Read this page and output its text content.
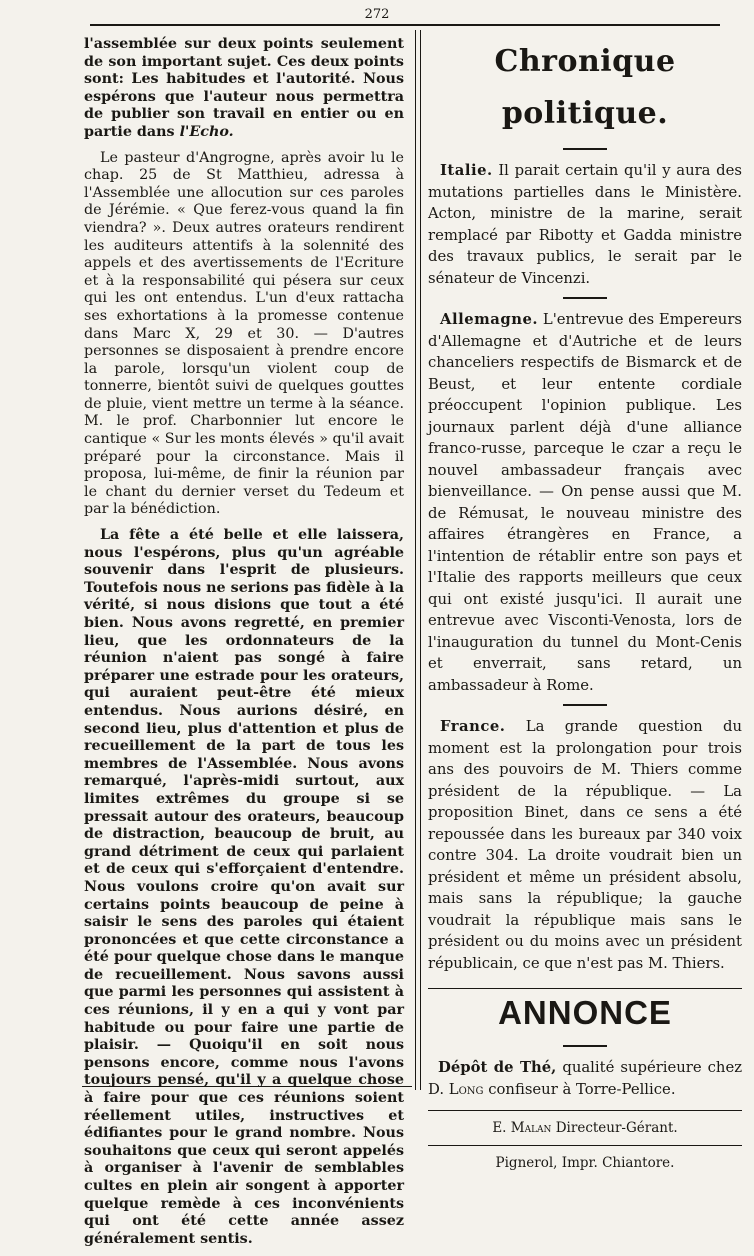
272

l'assemblée sur deux points seulement de son important sujet. Ces deux points sont: Les habitudes et l'autorité. Nous espérons que l'auteur nous permettra de publier son travail en entier ou en partie dans l'Echo.

Le pasteur d'Angrogne, après avoir lu le chap. 25 de St Matthieu, adressa à l'Assemblée une allocution sur ces paroles de Jérémie. « Que ferez-vous quand la fin viendra? ». Deux autres orateurs rendirent les auditeurs attentifs à la solennité des appels et des avertissements de l'Ecriture et à la responsabilité qui pésera sur ceux qui les ont entendus. L'un d'eux rattacha ses exhortations à la promesse contenue dans Marc X, 29 et 30. — D'autres personnes se disposaient à prendre encore la parole, lorsqu'un violent coup de tonnerre, bientôt suivi de quelques gouttes de pluie, vient mettre un terme à la séance. M. le prof. Charbonnier lut encore le cantique « Sur les monts élevés » qu'il avait préparé pour la circonstance. Mais il proposa, lui-même, de finir la réunion par le chant du dernier verset du Tedeum et par la bénédiction.

La fête a été belle et elle laissera, nous l'espérons, plus qu'un agréable souvenir dans l'esprit de plusieurs. Toutefois nous ne serions pas fidèle à la vérité, si nous disions que tout a été bien. Nous avons regretté, en premier lieu, que les ordonnateurs de la réunion n'aient pas songé à faire préparer une estrade pour les orateurs, qui auraient peut-être été mieux entendus. Nous aurions désiré, en second lieu, plus d'attention et plus de recueillement de la part de tous les membres de l'Assemblée. Nous avons remarqué, l'après-midi surtout, aux limites extrêmes du groupe si se pressait autour des orateurs, beaucoup de distraction, beaucoup de bruit, au grand détriment de ceux qui parlaient et de ceux qui s'efforçaient d'entendre. Nous voulons croire qu'on avait sur certains points beaucoup de peine à saisir le sens des paroles qui étaient prononcées et que cette circonstance a été pour quelque chose dans le manque de recueillement. Nous savons aussi que parmi les personnes qui assistent à ces réunions, il y en a qui y vont par habitude ou pour faire une partie de plaisir. — Quoiqu'il en soit nous pensons encore, comme nous l'avons toujours pensé, qu'il y a quelque chose à faire pour que ces réunions soient réellement utiles, instructives et édifiantes pour le grand nombre. Nous souhaitons que ceux qui seront appelés à organiser à l'avenir de semblables cultes en plein air songent à apporter quelque remède à ces inconvénients qui ont été cette année assez généralement sentis.

Chronique politique.

Italie. Il parait certain qu'il y aura des mutations partielles dans le Ministère. Acton, ministre de la marine, serait remplacé par Ribotty et Gadda ministre des travaux publics, le serait par le sénateur de Vincenzi.

Allemagne. L'entrevue des Empereurs d'Allemagne et d'Autriche et de leurs chanceliers respectifs de Bismarck et de Beust, et leur entente cordiale préoccupent l'opinion publique. Les journaux parlent déjà d'une alliance franco-russe, parceque le czar a reçu le nouvel ambassadeur français avec bienveillance. — On pense aussi que M. de Rémusat, le nouveau ministre des affaires étrangères en France, a l'intention de rétablir entre son pays et l'Italie des rapports meilleurs que ceux qui ont existé jusqu'ici. Il aurait une entrevue avec Visconti-Venosta, lors de l'inauguration du tunnel du Mont-Cenis et enverrait, sans retard, un ambassadeur à Rome.

France. La grande question du moment est la prolongation pour trois ans des pouvoirs de M. Thiers comme président de la république. — La proposition Binet, dans ce sens a été repoussée dans les bureaux par 340 voix contre 304. La droite voudrait bien un président et même un président absolu, mais sans la république; la gauche voudrait la république mais sans le président ou du moins avec un président républicain, ce que n'est pas M. Thiers.

ANNONCE

Dépôt de Thé, qualité supérieure chez D. Long confiseur à Torre-Pellice.

E. Malan Directeur-Gérant.

Pignerol, Impr. Chiantore.
